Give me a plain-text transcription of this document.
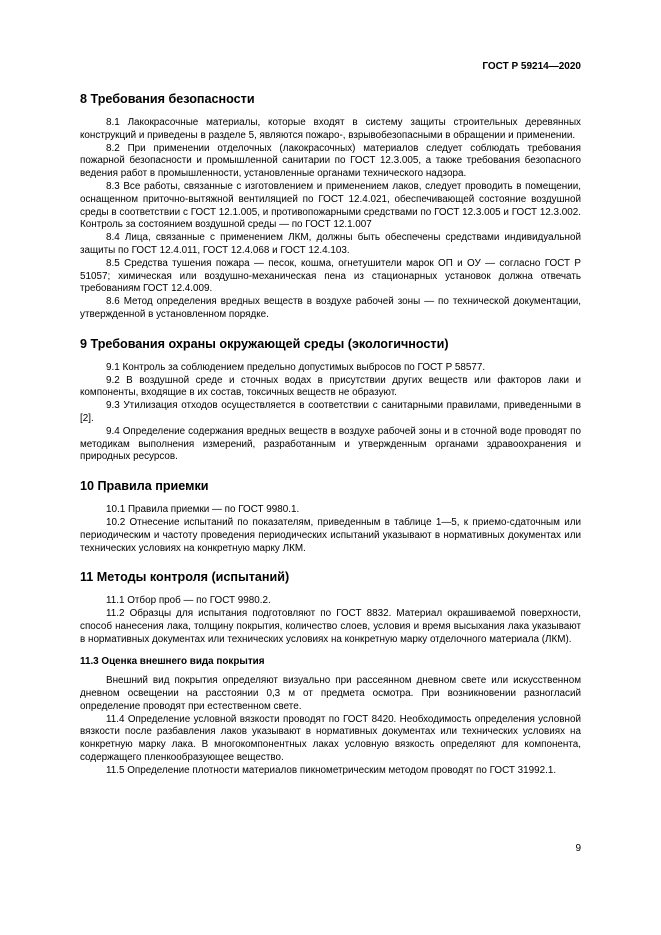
ГОСТ Р 59214—2020
8 Требования безопасности

8.1 Лакокрасочные материалы, которые входят в систему защиты строительных деревянных конструкций и приведены в разделе 5, являются пожаро-, взрывобезопасными в обращении и применении.

8.2 При применении отделочных (лакокрасочных) материалов следует соблюдать требования пожарной безопасности и промышленной санитарии по ГОСТ 12.3.005, а также требования безопасного ведения работ в промышленности, установленные органами технического надзора.

8.3 Все работы, связанные с изготовлением и применением лаков, следует проводить в помещении, оснащенном приточно-вытяжной вентиляцией по ГОСТ 12.4.021, обеспечивающей состояние воздушной среды в соответствии с ГОСТ 12.1.005, и противопожарными средствами по ГОСТ 12.3.005 и ГОСТ 12.3.002. Контроль за состоянием воздушной среды — по ГОСТ 12.1.007

8.4 Лица, связанные с применением ЛКМ, должны быть обеспечены средствами индивидуальной защиты по ГОСТ 12.4.011, ГОСТ 12.4.068 и ГОСТ 12.4.103.

8.5 Средства тушения пожара — песок, кошма, огнетушители марок ОП и ОУ — согласно ГОСТ Р 51057; химическая или воздушно-механическая пена из стационарных установок должна отвечать требованиям ГОСТ 12.4.009.

8.6 Метод определения вредных веществ в воздухе рабочей зоны — по технической документации, утвержденной в установленном порядке.

9 Требования охраны окружающей среды (экологичности)

9.1 Контроль за соблюдением предельно допустимых выбросов по ГОСТ Р 58577.

9.2 В воздушной среде и сточных водах в присутствии других веществ или факторов лаки и компоненты, входящие в их состав, токсичных веществ не образуют.

9.3 Утилизация отходов осуществляется в соответствии с санитарными правилами, приведенными в [2].

9.4 Определение содержания вредных веществ в воздухе рабочей зоны и в сточной воде проводят по методикам выполнения измерений, разработанным и утвержденным органами здравоохранения и природных ресурсов.

10 Правила приемки

10.1 Правила приемки — по ГОСТ 9980.1.

10.2 Отнесение испытаний по показателям, приведенным в таблице 1—5, к приемо-сдаточным или периодическим и частоту проведения периодических испытаний указывают в нормативных документах или технических условиях на конкретную марку ЛКМ.

11 Методы контроля (испытаний)

11.1 Отбор проб — по ГОСТ 9980.2.

11.2 Образцы для испытания подготовляют по ГОСТ 8832. Материал окрашиваемой поверхности, способ нанесения лака, толщину покрытия, количество слоев, условия и время высыхания лака указывают в нормативных документах или технических условиях на конкретную марку отделочного материала (ЛКМ).

11.3 Оценка внешнего вида покрытия

Внешний вид покрытия определяют визуально при рассеянном дневном свете или искусственном дневном освещении на расстоянии 0,3 м от предмета осмотра. При возникновении разногласий определение проводят при естественном свете.

11.4 Определение условной вязкости проводят по ГОСТ 8420. Необходимость определения условной вязкости после разбавления лаков указывают в нормативных документах или технических условиях на конкретную марку лака. В многокомпонентных лаках условную вязкость определяют для компонента, содержащего пленкообразующее вещество.

11.5 Определение плотности материалов пикнометрическим методом проводят по ГОСТ 31992.1.

9
